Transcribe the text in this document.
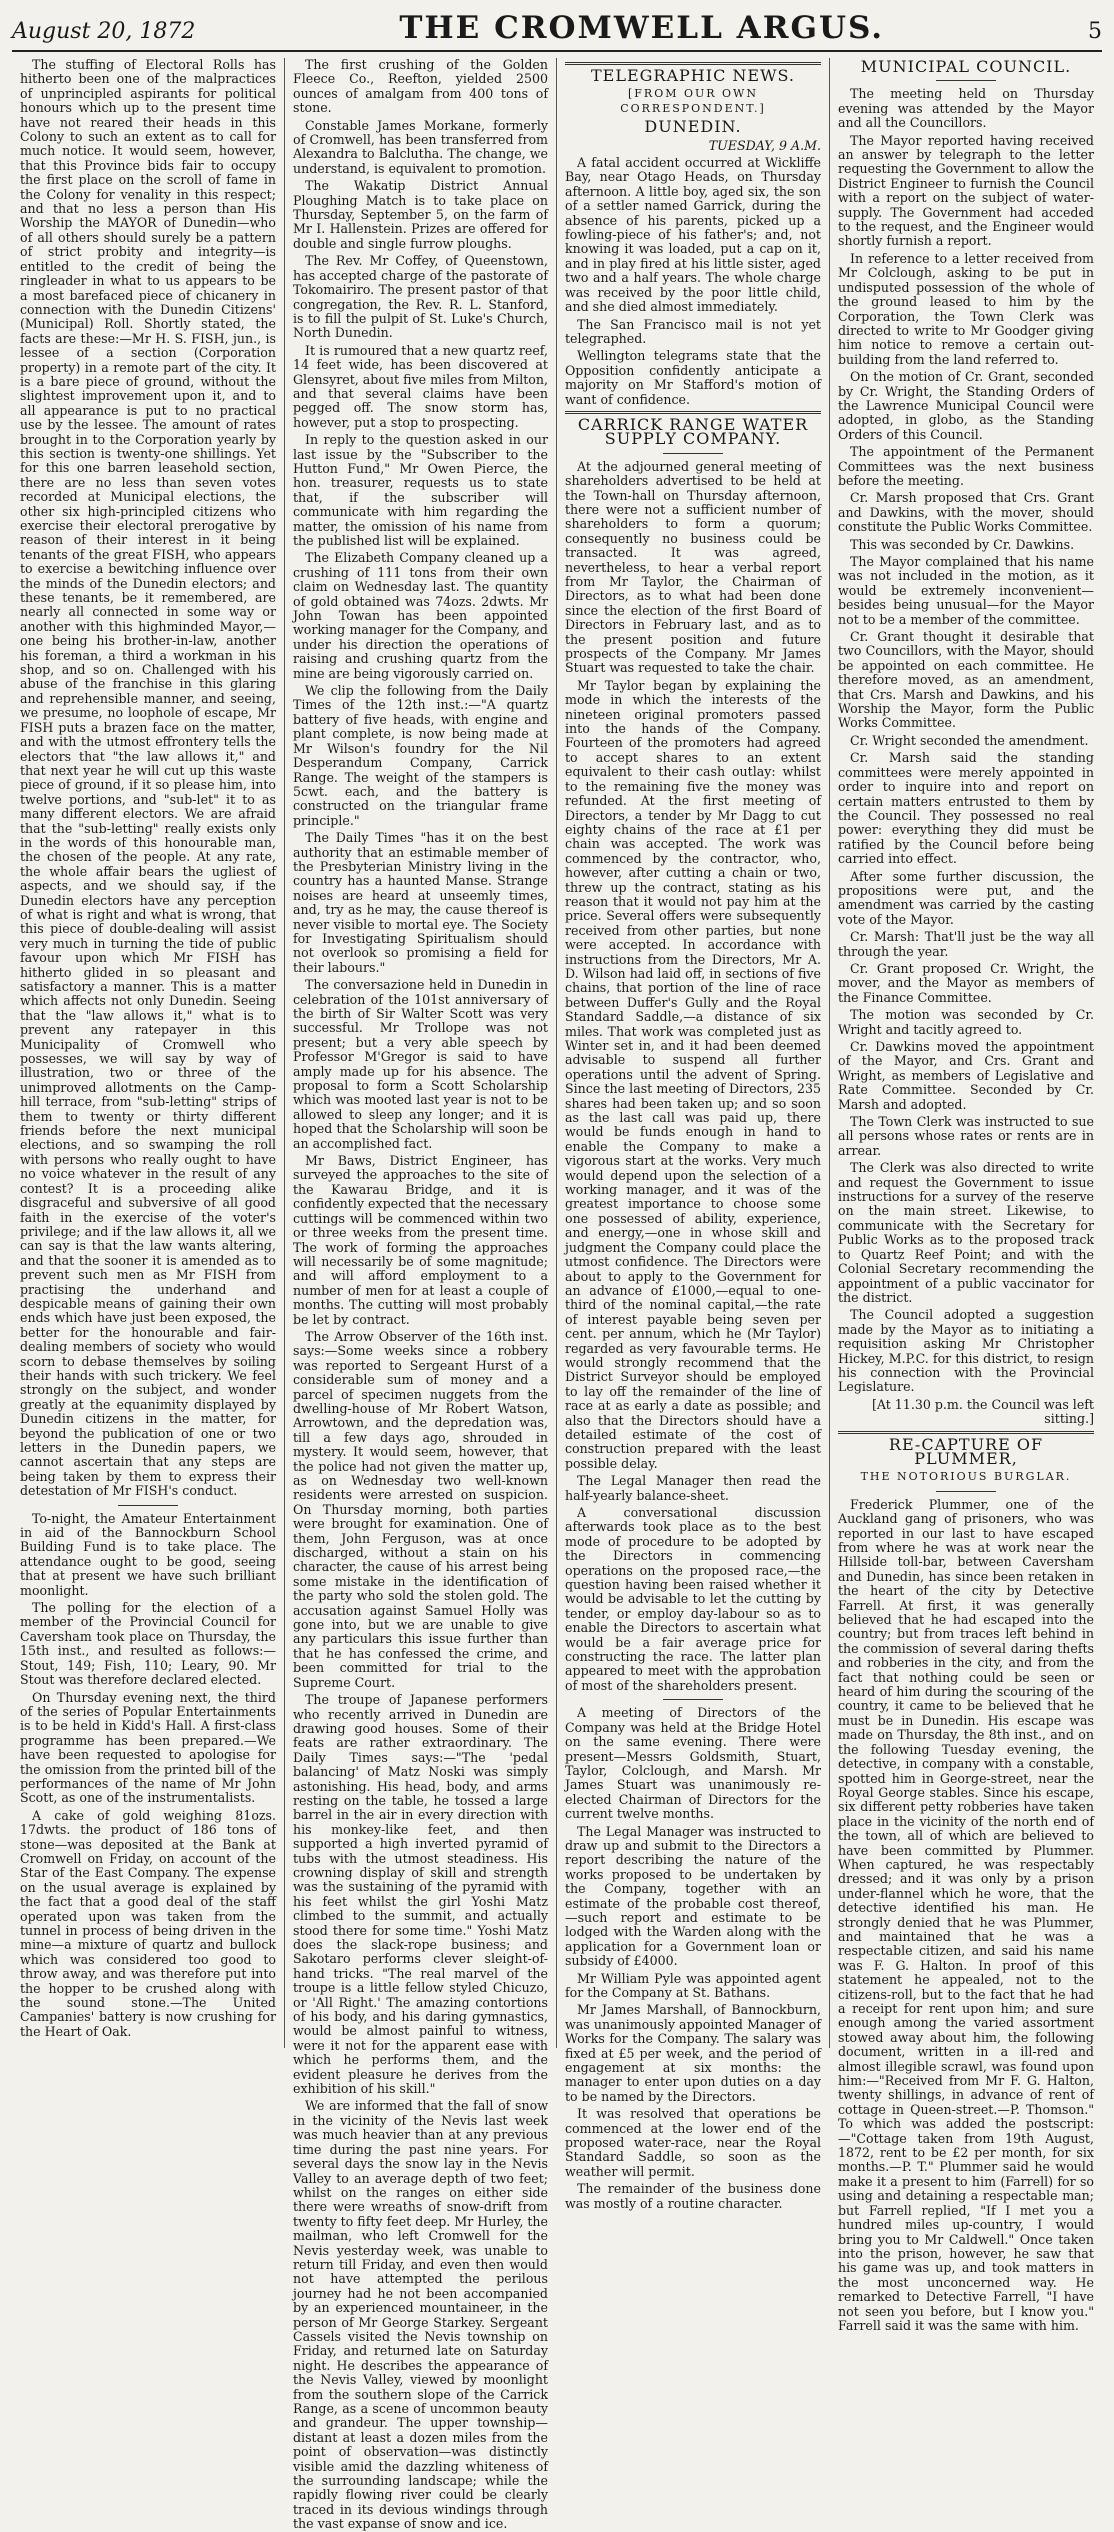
August 20, 1872	THE CROMWELL ARGUS.	5

The stuffing of Electoral Rolls has hitherto been one of the malpractices of unprincipled aspirants for political honours which up to the present time have not reared their heads in this Colony to such an extent as to call for much notice. It would seem, however, that this Province bids fair to occupy the first place on the scroll of fame in the Colony for venality in this respect; and that no less a person than His Worship the MAYOR of Dunedin—who of all others should surely be a pattern of strict probity and integrity—is entitled to the credit of being the ringleader in what to us appears to be a most barefaced piece of chicanery in connection with the Dunedin Citizens' (Municipal) Roll. Shortly stated, the facts are these:—Mr H. S. FISH, jun., is lessee of a section (Corporation property) in a remote part of the city. It is a bare piece of ground, without the slightest improvement upon it, and to all appearance is put to no practical use by the lessee. The amount of rates brought in to the Corporation yearly by this section is twenty-one shillings. Yet for this one barren leasehold section, there are no less than seven votes recorded at Municipal elections, the other six high-principled citizens who exercise their electoral prerogative by reason of their interest in it being tenants of the great FISH, who appears to exercise a bewitching influence over the minds of the Dunedin electors; and these tenants, be it remembered, are nearly all connected in some way or another with this highminded Mayor,—one being his brother-in-law, another his foreman, a third a workman in his shop, and so on. Challenged with his abuse of the franchise in this glaring and reprehensible manner, and seeing, we presume, no loophole of escape, Mr FISH puts a brazen face on the matter, and with the utmost effrontery tells the electors that "the law allows it," and that next year he will cut up this waste piece of ground, if it so please him, into twelve portions, and "sub-let" it to as many different electors. We are afraid that the "sub-letting" really exists only in the words of this honourable man, the chosen of the people. At any rate, the whole affair bears the ugliest of aspects, and we should say, if the Dunedin electors have any perception of what is right and what is wrong, that this piece of double-dealing will assist very much in turning the tide of public favour upon which Mr FISH has hitherto glided in so pleasant and satisfactory a manner. This is a matter which affects not only Dunedin. Seeing that the "law allows it," what is to prevent any ratepayer in this Municipality of Cromwell who possesses, we will say by way of illustration, two or three of the unimproved allotments on the Camp-hill terrace, from "sub-letting" strips of them to twenty or thirty different friends before the next municipal elections, and so swamping the roll with persons who really ought to have no voice whatever in the result of any contest? It is a proceeding alike disgraceful and subversive of all good faith in the exercise of the voter's privilege; and if the law allows it, all we can say is that the law wants altering, and that the sooner it is amended as to prevent such men as Mr FISH from practising the underhand and despicable means of gaining their own ends which have just been exposed, the better for the honourable and fair-dealing members of society who would scorn to debase themselves by soiling their hands with such trickery. We feel strongly on the subject, and wonder greatly at the equanimity displayed by Dunedin citizens in the matter, for beyond the publication of one or two letters in the Dunedin papers, we cannot ascertain that any steps are being taken by them to express their detestation of Mr FISH's conduct.

To-night, the Amateur Entertainment in aid of the Bannockburn School Building Fund is to take place. The attendance ought to be good, seeing that at present we have such brilliant moonlight.

The polling for the election of a member of the Provincial Council for Caversham took place on Thursday, the 15th inst., and resulted as follows:—Stout, 149; Fish, 110; Leary, 90. Mr Stout was therefore declared elected.

On Thursday evening next, the third of the series of Popular Entertainments is to be held in Kidd's Hall. A first-class programme has been prepared.—We have been requested to apologise for the omission from the printed bill of the performances of the name of Mr John Scott, as one of the instrumentalists.

A cake of gold weighing 81ozs. 17dwts. the product of 186 tons of stone—was deposited at the Bank at Cromwell on Friday, on account of the Star of the East Company. The expense on the usual average is explained by the fact that a good deal of the staff operated upon was taken from the tunnel in process of being driven in the mine—a mixture of quartz and bullock which was considered too good to throw away, and was therefore put into the hopper to be crushed along with the sound stone.—The United Campanies' battery is now crushing for the Heart of Oak.

The first crushing of the Golden Fleece Co., Reefton, yielded 2500 ounces of amalgam from 400 tons of stone.

Constable James Morkane, formerly of Cromwell, has been transferred from Alexandra to Balclutha. The change, we understand, is equivalent to promotion.

The Wakatip District Annual Ploughing Match is to take place on Thursday, September 5, on the farm of Mr I. Hallenstein. Prizes are offered for double and single furrow ploughs.

The Rev. Mr Coffey, of Queenstown, has accepted charge of the pastorate of Tokomairiro. The present pastor of that congregation, the Rev. R. L. Stanford, is to fill the pulpit of St. Luke's Church, North Dunedin.

It is rumoured that a new quartz reef, 14 feet wide, has been discovered at Glensyret, about five miles from Milton, and that several claims have been pegged off. The snow storm has, however, put a stop to prospecting.

In reply to the question asked in our last issue by the "Subscriber to the Hutton Fund," Mr Owen Pierce, the hon. treasurer, requests us to state that, if the subscriber will communicate with him regarding the matter, the omission of his name from the published list will be explained.

The Elizabeth Company cleaned up a crushing of 111 tons from their own claim on Wednesday last. The quantity of gold obtained was 74ozs. 2dwts. Mr John Towan has been appointed working manager for the Company, and under his direction the operations of raising and crushing quartz from the mine are being vigorously carried on.

We clip the following from the Daily Times of the 12th inst.:—"A quartz battery of five heads, with engine and plant complete, is now being made at Mr Wilson's foundry for the Nil Desperandum Company, Carrick Range. The weight of the stampers is 5cwt. each, and the battery is constructed on the triangular frame principle."

The Daily Times "has it on the best authority that an estimable member of the Presbyterian Ministry living in the country has a haunted Manse. Strange noises are heard at unseemly times, and, try as he may, the cause thereof is never visible to mortal eye. The Society for Investigating Spiritualism should not overlook so promising a field for their labours."

The conversazione held in Dunedin in celebration of the 101st anniversary of the birth of Sir Walter Scott was very successful. Mr Trollope was not present; but a very able speech by Professor M'Gregor is said to have amply made up for his absence. The proposal to form a Scott Scholarship which was mooted last year is not to be allowed to sleep any longer; and it is hoped that the Scholarship will soon be an accomplished fact.

Mr Baws, District Engineer, has surveyed the approaches to the site of the Kawarau Bridge, and it is confidently expected that the necessary cuttings will be commenced within two or three weeks from the present time. The work of forming the approaches will necessarily be of some magnitude; and will afford employment to a number of men for at least a couple of months. The cutting will most probably be let by contract.

The Arrow Observer of the 16th inst. says:—Some weeks since a robbery was reported to Sergeant Hurst of a considerable sum of money and a parcel of specimen nuggets from the dwelling-house of Mr Robert Watson, Arrowtown, and the depredation was, till a few days ago, shrouded in mystery. It would seem, however, that the police had not given the matter up, as on Wednesday two well-known residents were arrested on suspicion. On Thursday morning, both parties were brought for examination. One of them, John Ferguson, was at once discharged, without a stain on his character, the cause of his arrest being some mistake in the identification of the party who sold the stolen gold. The accusation against Samuel Holly was gone into, but we are unable to give any particulars this issue further than that he has confessed the crime, and been committed for trial to the Supreme Court.

The troupe of Japanese performers who recently arrived in Dunedin are drawing good houses. Some of their feats are rather extraordinary. The Daily Times says:—"The 'pedal balancing' of Matz Noski was simply astonishing. His head, body, and arms resting on the table, he tossed a large barrel in the air in every direction with his monkey-like feet, and then supported a high inverted pyramid of tubs with the utmost steadiness. His crowning display of skill and strength was the sustaining of the pyramid with his feet whilst the girl Yoshi Matz climbed to the summit, and actually stood there for some time." Yoshi Matz does the slack-rope business; and Sakotaro performs clever sleight-of-hand tricks. "The real marvel of the troupe is a little fellow styled Chicuzo, or 'All Right.' The amazing contortions of his body, and his daring gymnastics, would be almost painful to witness, were it not for the apparent ease with which he performs them, and the evident pleasure he derives from the exhibition of his skill."

We are informed that the fall of snow in the vicinity of the Nevis last week was much heavier than at any previous time during the past nine years. For several days the snow lay in the Nevis Valley to an average depth of two feet; whilst on the ranges on either side there were wreaths of snow-drift from twenty to fifty feet deep. Mr Hurley, the mailman, who left Cromwell for the Nevis yesterday week, was unable to return till Friday, and even then would not have attempted the perilous journey had he not been accompanied by an experienced mountaineer, in the person of Mr George Starkey. Sergeant Cassels visited the Nevis township on Friday, and returned late on Saturday night. He describes the appearance of the Nevis Valley, viewed by moonlight from the southern slope of the Carrick Range, as a scene of uncommon beauty and grandeur. The upper township—distant at least a dozen miles from the point of observation—was distinctly visible amid the dazzling whiteness of the surrounding landscape; while the rapidly flowing river could be clearly traced in its devious windings through the vast expanse of snow and ice.

TELEGRAPHIC NEWS.
[FROM OUR OWN CORRESPONDENT.]
DUNEDIN.

TUESDAY, 9 A.M.

A fatal accident occurred at Wickliffe Bay, near Otago Heads, on Thursday afternoon. A little boy, aged six, the son of a settler named Garrick, during the absence of his parents, picked up a fowling-piece of his father's; and, not knowing it was loaded, put a cap on it, and in play fired at his little sister, aged two and a half years. The whole charge was received by the poor little child, and she died almost immediately.

The San Francisco mail is not yet telegraphed.

Wellington telegrams state that the Opposition confidently anticipate a majority on Mr Stafford's motion of want of confidence.

CARRICK RANGE WATER SUPPLY COMPANY.

At the adjourned general meeting of shareholders advertised to be held at the Town-hall on Thursday afternoon, there were not a sufficient number of shareholders to form a quorum; consequently no business could be transacted. It was agreed, nevertheless, to hear a verbal report from Mr Taylor, the Chairman of Directors, as to what had been done since the election of the first Board of Directors in February last, and as to the present position and future prospects of the Company. Mr James Stuart was requested to take the chair.

Mr Taylor began by explaining the mode in which the interests of the nineteen original promoters passed into the hands of the Company. Fourteen of the promoters had agreed to accept shares to an extent equivalent to their cash outlay: whilst to the remaining five the money was refunded. At the first meeting of Directors, a tender by Mr Dagg to cut eighty chains of the race at £1 per chain was accepted. The work was commenced by the contractor, who, however, after cutting a chain or two, threw up the contract, stating as his reason that it would not pay him at the price. Several offers were subsequently received from other parties, but none were accepted. In accordance with instructions from the Directors, Mr A. D. Wilson had laid off, in sections of five chains, that portion of the line of race between Duffer's Gully and the Royal Standard Saddle,—a distance of six miles. That work was completed just as Winter set in, and it had been deemed advisable to suspend all further operations until the advent of Spring. Since the last meeting of Directors, 235 shares had been taken up; and so soon as the last call was paid up, there would be funds enough in hand to enable the Company to make a vigorous start at the works. Very much would depend upon the selection of a working manager, and it was of the greatest importance to choose some one possessed of ability, experience, and energy,—one in whose skill and judgment the Company could place the utmost confidence. The Directors were about to apply to the Government for an advance of £1000,—equal to one-third of the nominal capital,—the rate of interest payable being seven per cent. per annum, which he (Mr Taylor) regarded as very favourable terms. He would strongly recommend that the District Surveyor should be employed to lay off the remainder of the line of race at as early a date as possible; and also that the Directors should have a detailed estimate of the cost of construction prepared with the least possible delay.

The Legal Manager then read the half-yearly balance-sheet.

A conversational discussion afterwards took place as to the best mode of procedure to be adopted by the Directors in commencing operations on the proposed race,—the question having been raised whether it would be advisable to let the cutting by tender, or employ day-labour so as to enable the Directors to ascertain what would be a fair average price for constructing the race. The latter plan appeared to meet with the approbation of most of the shareholders present.

A meeting of Directors of the Company was held at the Bridge Hotel on the same evening. There were present—Messrs Goldsmith, Stuart, Taylor, Colclough, and Marsh. Mr James Stuart was unanimously re-elected Chairman of Directors for the current twelve months.

The Legal Manager was instructed to draw up and submit to the Directors a report describing the nature of the works proposed to be undertaken by the Company, together with an estimate of the probable cost thereof, —such report and estimate to be lodged with the Warden along with the application for a Government loan or subsidy of £4000.

Mr William Pyle was appointed agent for the Company at St. Bathans.

Mr James Marshall, of Bannockburn, was unanimously appointed Manager of Works for the Company. The salary was fixed at £5 per week, and the period of engagement at six months: the manager to enter upon duties on a day to be named by the Directors.

It was resolved that operations be commenced at the lower end of the proposed water-race, near the Royal Standard Saddle, so soon as the weather will permit.

The remainder of the business done was mostly of a routine character.

MUNICIPAL COUNCIL.

The meeting held on Thursday evening was attended by the Mayor and all the Councillors.

The Mayor reported having received an answer by telegraph to the letter requesting the Government to allow the District Engineer to furnish the Council with a report on the subject of water-supply. The Government had acceded to the request, and the Engineer would shortly furnish a report.

In reference to a letter received from Mr Colclough, asking to be put in undisputed possession of the whole of the ground leased to him by the Corporation, the Town Clerk was directed to write to Mr Goodger giving him notice to remove a certain out-building from the land referred to.

On the motion of Cr. Grant, seconded by Cr. Wright, the Standing Orders of the Lawrence Municipal Council were adopted, in globo, as the Standing Orders of this Council.

The appointment of the Permanent Committees was the next business before the meeting.

Cr. Marsh proposed that Crs. Grant and Dawkins, with the mover, should constitute the Public Works Committee.

This was seconded by Cr. Dawkins.

The Mayor complained that his name was not included in the motion, as it would be extremely inconvenient—besides being unusual—for the Mayor not to be a member of the committee.

Cr. Grant thought it desirable that two Councillors, with the Mayor, should be appointed on each committee. He therefore moved, as an amendment, that Crs. Marsh and Dawkins, and his Worship the Mayor, form the Public Works Committee.

Cr. Wright seconded the amendment.

Cr. Marsh said the standing committees were merely appointed in order to inquire into and report on certain matters entrusted to them by the Council. They possessed no real power: everything they did must be ratified by the Council before being carried into effect.

After some further discussion, the propositions were put, and the amendment was carried by the casting vote of the Mayor.

Cr. Marsh: That'll just be the way all through the year.

Cr. Grant proposed Cr. Wright, the mover, and the Mayor as members of the Finance Committee.

The motion was seconded by Cr. Wright and tacitly agreed to.

Cr. Dawkins moved the appointment of the Mayor, and Crs. Grant and Wright, as members of Legislative and Rate Committee. Seconded by Cr. Marsh and adopted.

The Town Clerk was instructed to sue all persons whose rates or rents are in arrear.

The Clerk was also directed to write and request the Government to issue instructions for a survey of the reserve on the main street. Likewise, to communicate with the Secretary for Public Works as to the proposed track to Quartz Reef Point; and with the Colonial Secretary recommending the appointment of a public vaccinator for the district.

The Council adopted a suggestion made by the Mayor as to initiating a requisition asking Mr Christopher Hickey, M.P.C. for this district, to resign his connection with the Provincial Legislature.

[At 11.30 p.m. the Council was left sitting.]

RE-CAPTURE OF PLUMMER,
THE NOTORIOUS BURGLAR.

Frederick Plummer, one of the Auckland gang of prisoners, who was reported in our last to have escaped from where he was at work near the Hillside toll-bar, between Caversham and Dunedin, has since been retaken in the heart of the city by Detective Farrell. At first, it was generally believed that he had escaped into the country; but from traces left behind in the commission of several daring thefts and robberies in the city, and from the fact that nothing could be seen or heard of him during the scouring of the country, it came to be believed that he must be in Dunedin. His escape was made on Thursday, the 8th inst., and on the following Tuesday evening, the detective, in company with a constable, spotted him in George-street, near the Royal George stables. Since his escape, six different petty robberies have taken place in the vicinity of the north end of the town, all of which are believed to have been committed by Plummer. When captured, he was respectably dressed; and it was only by a prison under-flannel which he wore, that the detective identified his man. He strongly denied that he was Plummer, and maintained that he was a respectable citizen, and said his name was F. G. Halton. In proof of this statement he appealed, not to the citizens-roll, but to the fact that he had a receipt for rent upon him; and sure enough among the varied assortment stowed away about him, the following document, written in a ill-red and almost illegible scrawl, was found upon him:—"Received from Mr F. G. Halton, twenty shillings, in advance of rent of cottage in Queen-street.—P. Thomson." To which was added the postscript:—"Cottage taken from 19th August, 1872, rent to be £2 per month, for six months.—P. T." Plummer said he would make it a present to him (Farrell) for so using and detaining a respectable man; but Farrell replied, "If I met you a hundred miles up-country, I would bring you to Mr Caldwell." Once taken into the prison, however, he saw that his game was up, and took matters in the most unconcerned way. He remarked to Detective Farrell, "I have not seen you before, but I know you." Farrell said it was the same with him.
